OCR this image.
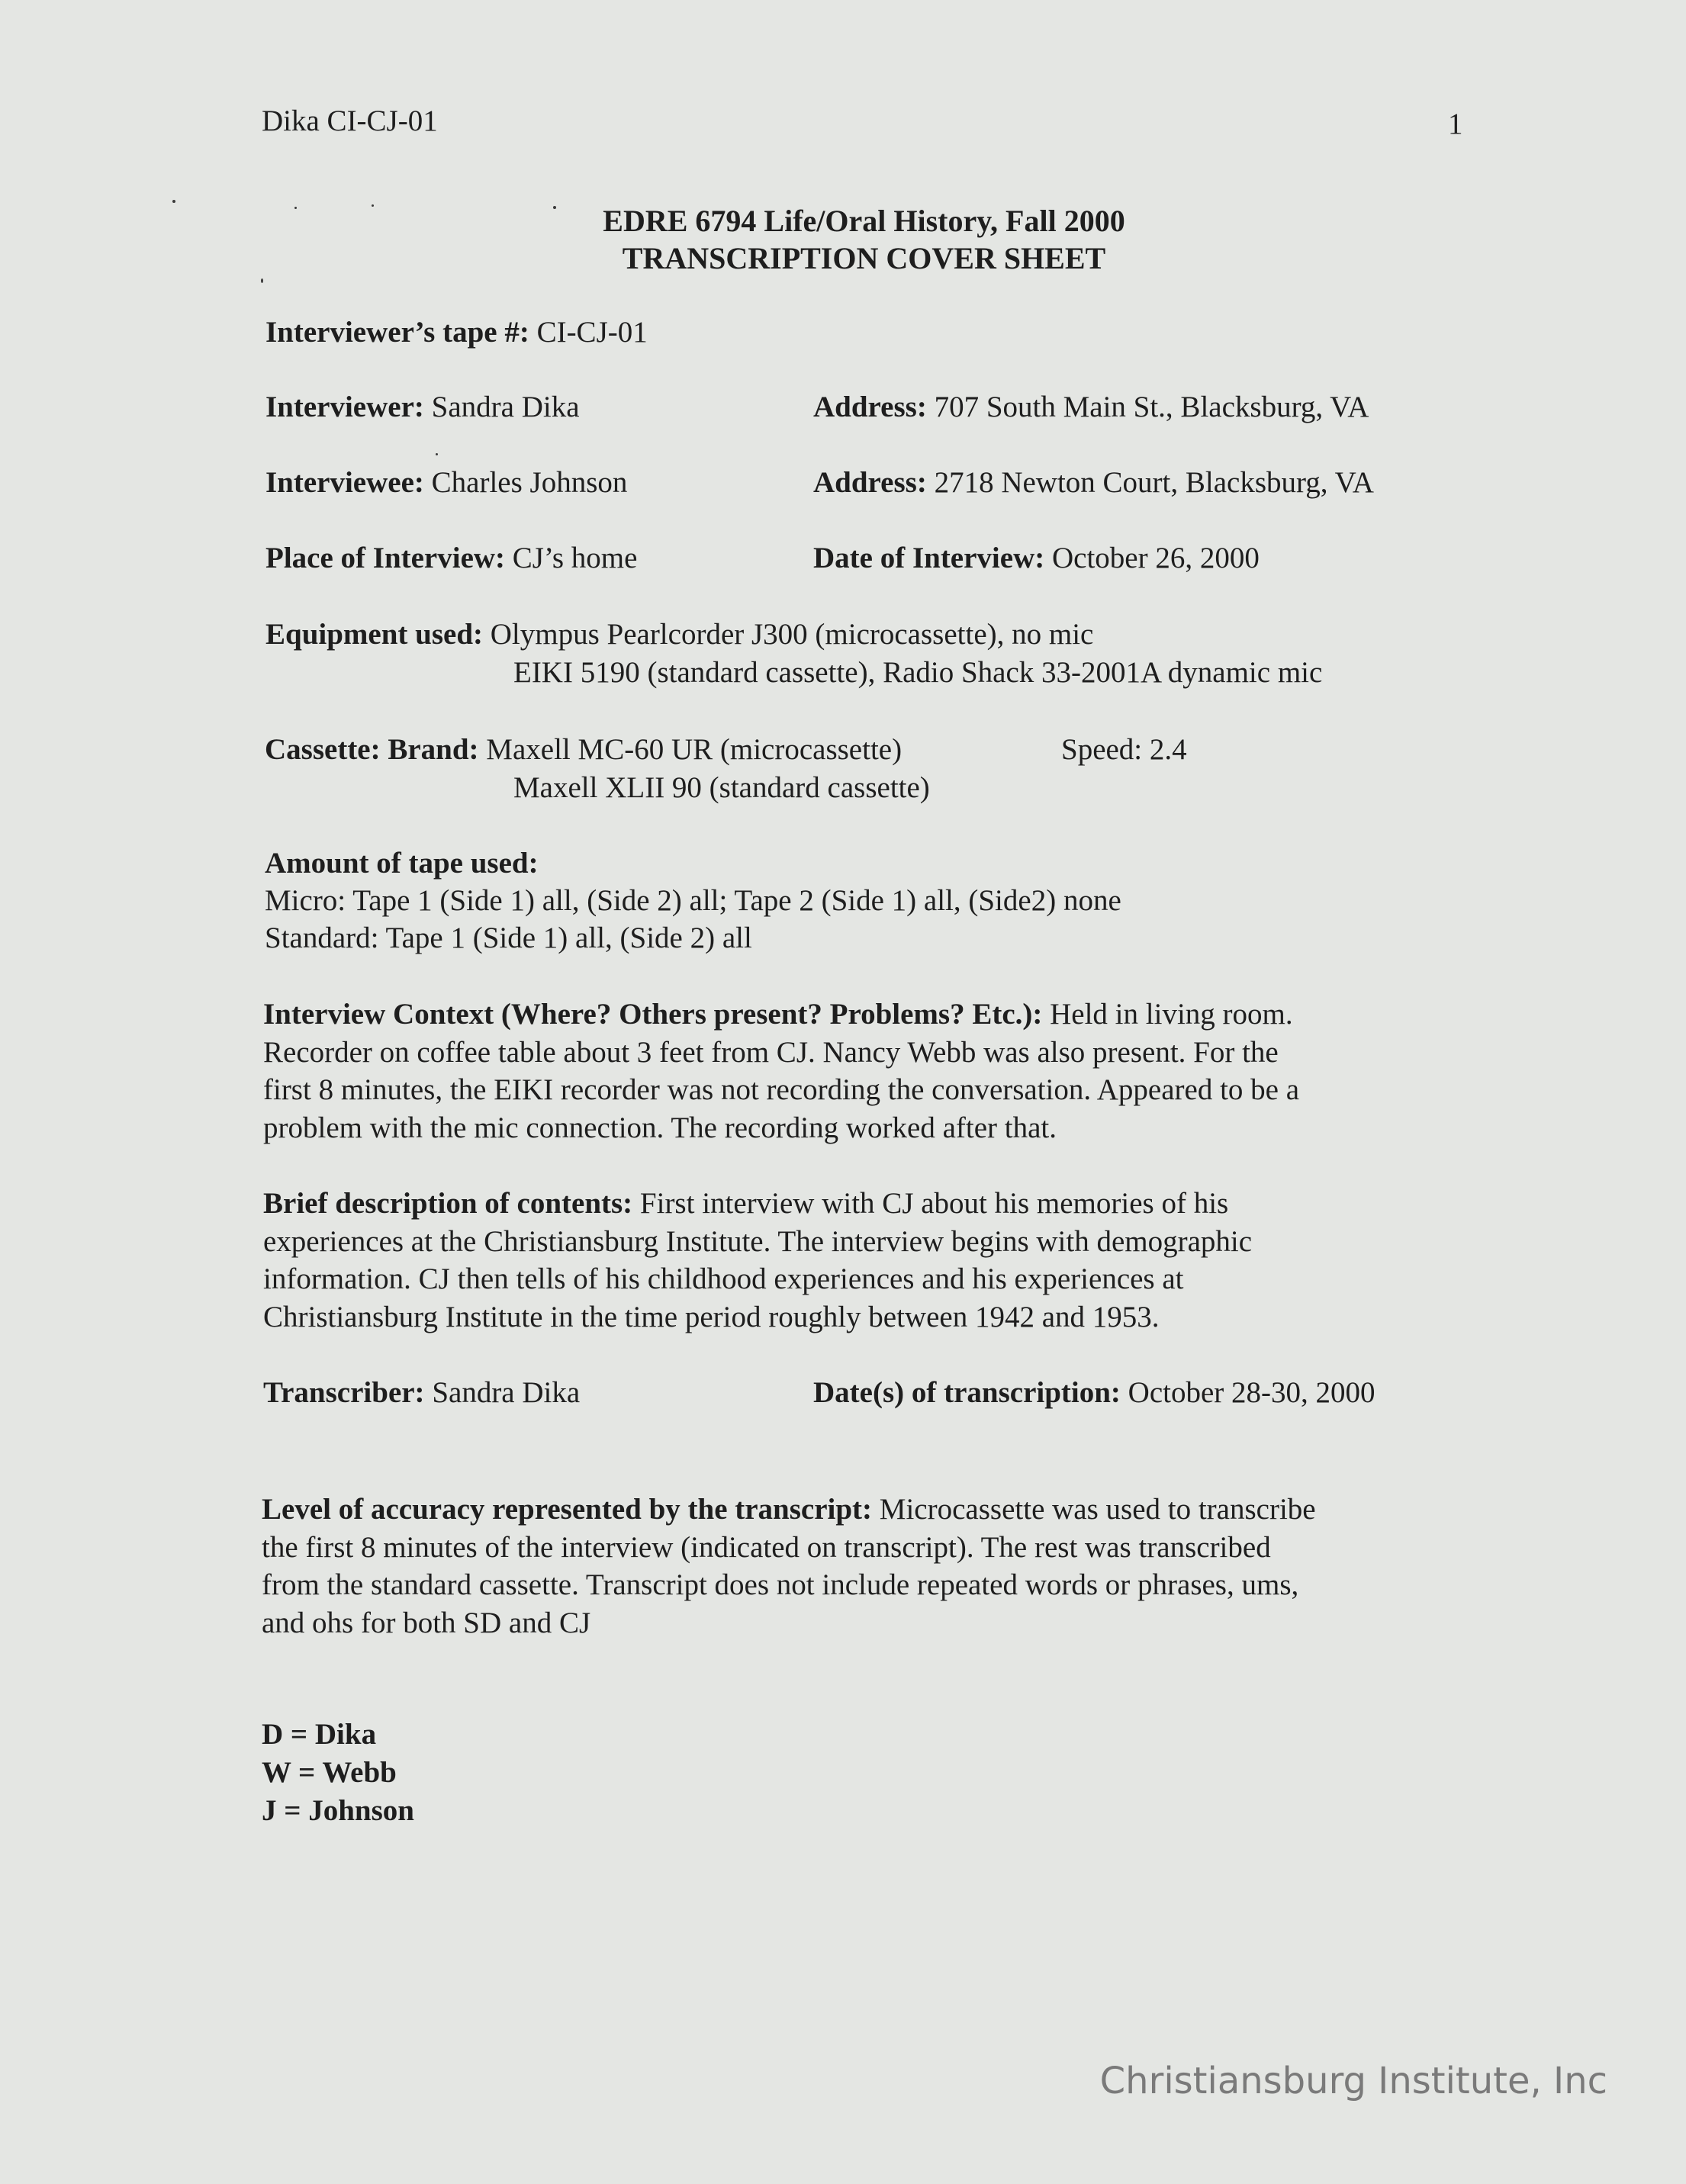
Dika CI-CJ-01	1
EDRE 6794 Life/Oral History, Fall 2000
TRANSCRIPTION COVER SHEET
Interviewer’s tape #: CI-CJ-01
Interviewer: Sandra Dika	Address: 707 South Main St., Blacksburg, VA
Interviewee: Charles Johnson	Address: 2718 Newton Court, Blacksburg, VA
Place of Interview: CJ’s home	Date of Interview: October 26, 2000
Equipment used: Olympus Pearlcorder J300 (microcassette), no mic
EIKI 5190 (standard cassette), Radio Shack 33-2001A dynamic mic
Cassette: Brand: Maxell MC-60 UR (microcassette)	Speed: 2.4
Maxell XLII 90 (standard cassette)
Amount of tape used:
Micro: Tape 1 (Side 1) all, (Side 2) all; Tape 2 (Side 1) all, (Side2) none
Standard: Tape 1 (Side 1) all, (Side 2) all
Interview Context (Where? Others present? Problems? Etc.): Held in living room.
Recorder on coffee table about 3 feet from CJ. Nancy Webb was also present. For the
first 8 minutes, the EIKI recorder was not recording the conversation. Appeared to be a
problem with the mic connection. The recording worked after that.
Brief description of contents: First interview with CJ about his memories of his
experiences at the Christiansburg Institute. The interview begins with demographic
information. CJ then tells of his childhood experiences and his experiences at
Christiansburg Institute in the time period roughly between 1942 and 1953.
Transcriber: Sandra Dika	Date(s) of transcription: October 28-30, 2000
Level of accuracy represented by the transcript: Microcassette was used to transcribe
the first 8 minutes of the interview (indicated on transcript). The rest was transcribed
from the standard cassette. Transcript does not include repeated words or phrases, ums,
and ohs for both SD and CJ
D = Dika
W = Webb
J = Johnson
Christiansburg Institute, Inc
